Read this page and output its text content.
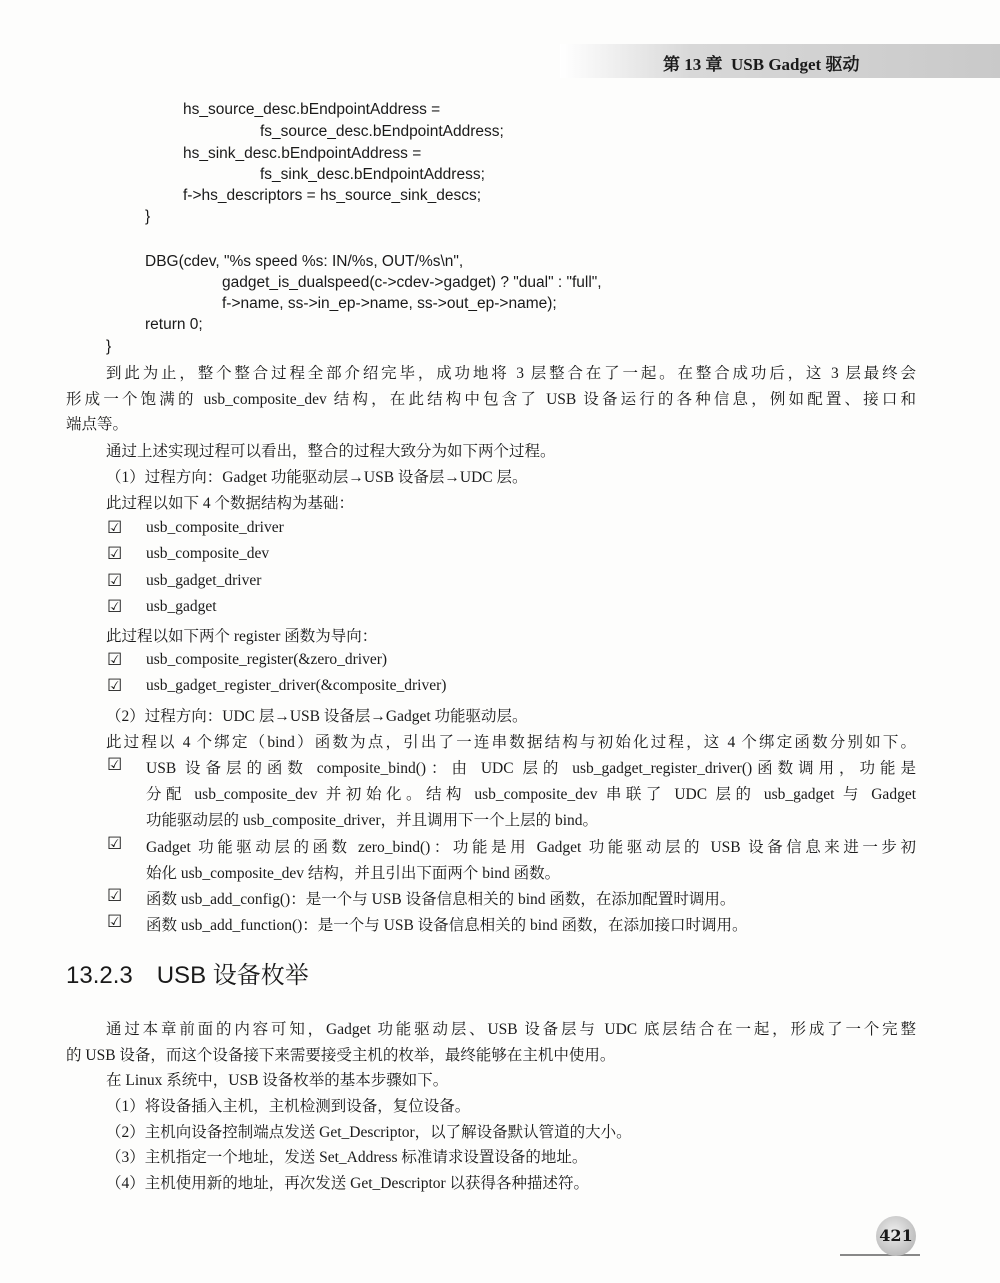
第 13 章  USB Gadget 驱动
hs_source_desc.bEndpointAddress =
fs_source_desc.bEndpointAddress;
hs_sink_desc.bEndpointAddress =
fs_sink_desc.bEndpointAddress;
f->hs_descriptors = hs_source_sink_descs;
}
DBG(cdev, "%s speed %s: IN/%s, OUT/%s\n",
gadget_is_dualspeed(c->cdev->gadget) ? "dual" : "full",
f->name, ss->in_ep->name, ss->out_ep->name);
return 0;
}
到此为止，整个整合过程全部介绍完毕，成功地将 3 层整合在了一起。在整合成功后，这 3 层最终会
形成一个饱满的 usb_composite_dev 结构，在此结构中包含了 USB 设备运行的各种信息，例如配置、接口和
端点等。
通过上述实现过程可以看出，整合的过程大致分为如下两个过程。
（1）过程方向：Gadget 功能驱动层→USB 设备层→UDC 层。
此过程以如下 4 个数据结构为基础：
☑ usb_composite_driver
☑ usb_composite_dev
☑ usb_gadget_driver
☑ usb_gadget
此过程以如下两个 register 函数为导向：
☑ usb_composite_register(&zero_driver)
☑ usb_gadget_register_driver(&composite_driver)
（2）过程方向：UDC 层→USB 设备层→Gadget 功能驱动层。
此过程以 4 个绑定（bind）函数为点，引出了一连串数据结构与初始化过程，这 4 个绑定函数分别如下。
☑ USB 设备层的函数 composite_bind()：由 UDC 层的 usb_gadget_register_driver()函数调用，功能是
分配 usb_composite_dev 并初始化。结构 usb_composite_dev 串联了 UDC 层的 usb_gadget 与 Gadget
功能驱动层的 usb_composite_driver，并且调用下一个上层的 bind。
☑ Gadget 功能驱动层的函数 zero_bind()：功能是用 Gadget 功能驱动层的 USB 设备信息来进一步初
始化 usb_composite_dev 结构，并且引出下面两个 bind 函数。
☑ 函数 usb_add_config()：是一个与 USB 设备信息相关的 bind 函数，在添加配置时调用。
☑ 函数 usb_add_function()：是一个与 USB 设备信息相关的 bind 函数，在添加接口时调用。
13.2.3　USB 设备枚举
通过本章前面的内容可知，Gadget 功能驱动层、USB 设备层与 UDC 底层结合在一起，形成了一个完整
的 USB 设备，而这个设备接下来需要接受主机的枚举，最终能够在主机中使用。
在 Linux 系统中，USB 设备枚举的基本步骤如下。
（1）将设备插入主机，主机检测到设备，复位设备。
（2）主机向设备控制端点发送 Get_Descriptor，以了解设备默认管道的大小。
（3）主机指定一个地址，发送 Set_Address 标准请求设置设备的地址。
（4）主机使用新的地址，再次发送 Get_Descriptor 以获得各种描述符。
421
